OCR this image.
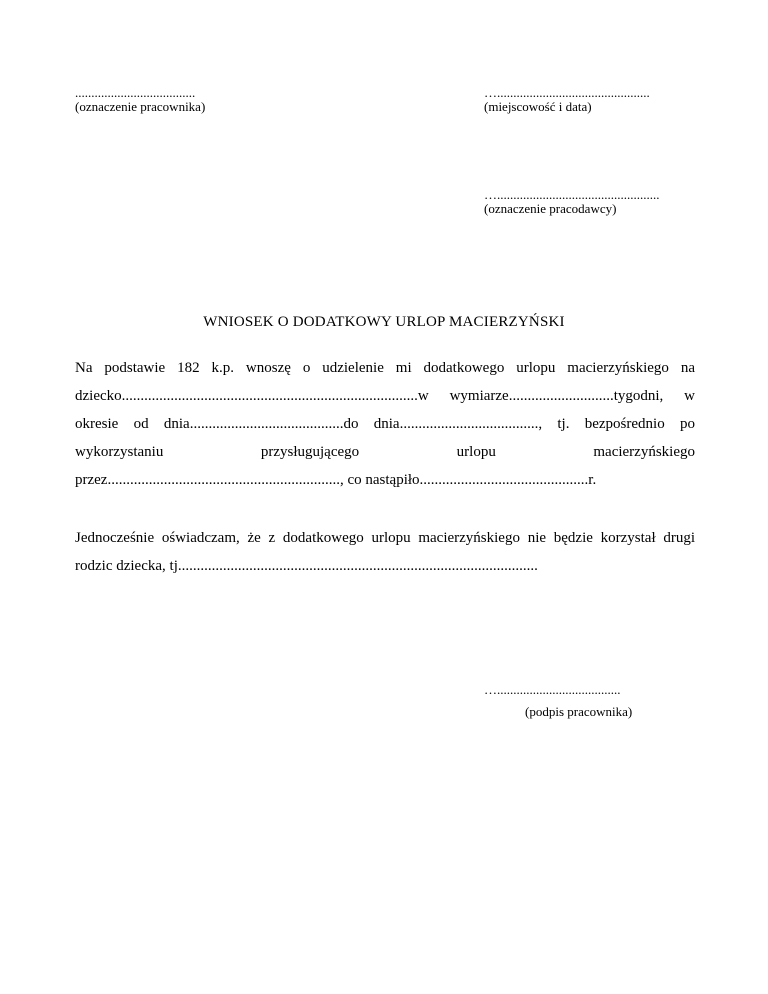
.....................................
(oznaczenie pracownika)
…...............................................
(miejscowość i data)
…..................................................
(oznaczenie pracodawcy)
WNIOSEK O DODATKOWY URLOP MACIERZYŃSKI
Na podstawie 182 k.p. wnoszę o udzielenie mi dodatkowego urlopu macierzyńskiego na
dziecko...............................................................................w wymiarze............................tygodni, w
okresie od dnia.........................................do dnia....................................., tj. bezpośrednio po
wykorzystaniu przysługującego urlopu macierzyńskiego
przez.............................................................., co nastąpiło.............................................r.
Jednocześnie oświadczam, że z dodatkowego urlopu macierzyńskiego nie będzie korzystał drugi
rodzic dziecka, tj................................................................................................
…......................................
(podpis pracownika)
